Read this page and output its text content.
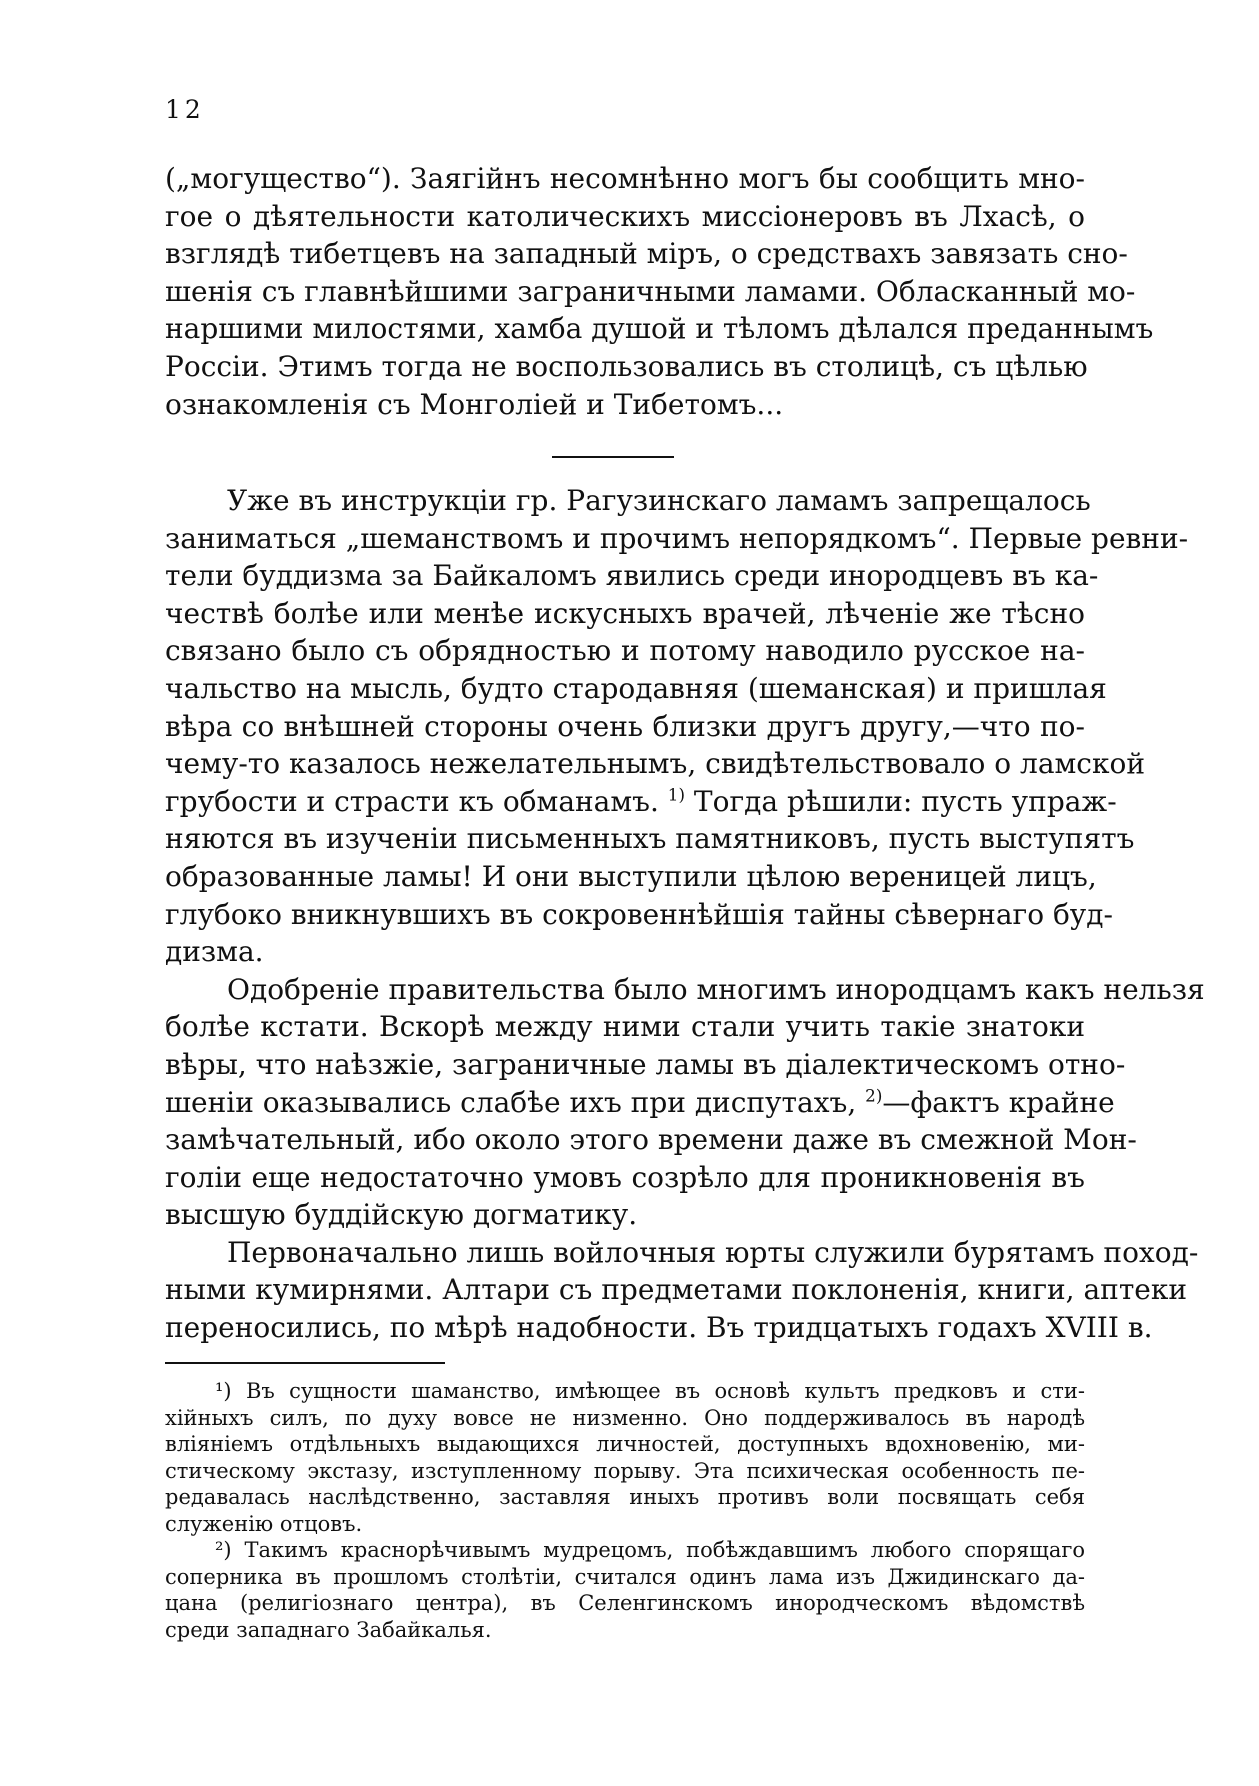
12
(„могущество“). Заягійнъ несомнѣнно могъ бы сообщить мно-
гое о дѣятельности католическихъ миссіонеровъ въ Лхасѣ, о
взглядѣ тибетцевъ на западный міръ, о средствахъ завязать сно-
шенія съ главнѣйшими заграничными ламами. Обласканный мо-
наршими милостями, хамба душой и тѣломъ дѣлался преданнымъ
Россіи. Этимъ тогда не воспользовались въ столицѣ, съ цѣлью
ознакомленія съ Монголіей и Тибетомъ...
Уже въ инструкціи гр. Рагузинскаго ламамъ запрещалось
заниматься „шеманствомъ и прочимъ непорядкомъ“. Первые ревни-
тели буддизма за Байкаломъ явились среди инородцевъ въ ка-
чествѣ болѣе или менѣе искусныхъ врачей, лѣченіе же тѣсно
связано было съ обрядностью и потому наводило русское на-
чальство на мысль, будто стародавняя (шеманская) и пришлая
вѣра со внѣшней стороны очень близки другъ другу,—что по-
чему-то казалось нежелательнымъ, свидѣтельствовало о ламской
грубости и страсти къ обманамъ. $^{1)}$ Тогда рѣшили: пусть упраж-
няются въ изученіи письменныхъ памятниковъ, пусть выступятъ
образованные ламы! И они выступили цѣлою вереницей лицъ,
глубоко вникнувшихъ въ сокровеннѣйшія тайны сѣвернаго буд-
дизма.
Одобреніе правительства было многимъ инородцамъ какъ нельзя
болѣе кстати. Вскорѣ между ними стали учить такіе знатоки
вѣры, что наѣзжіе, заграничные ламы въ діалектическомъ отно-
шеніи оказывались слабѣе ихъ при диспутахъ, $^{2)}$—фактъ крайне
замѣчательный, ибо около этого времени даже въ смежной Мон-
голіи еще недостаточно умовъ созрѣло для проникновенія въ
высшую буддійскую догматику.
Первоначально лишь войлочныя юрты служили бурятамъ поход-
ными кумирнями. Алтари съ предметами поклоненія, книги, аптеки
переносились, по мѣрѣ надобности. Въ тридцатыхъ годахъ XVIII в.
¹) Въ сущности шаманство, имѣющее въ основѣ культъ предковъ и сти-
хійныхъ силъ, по духу вовсе не низменно. Оно поддерживалось въ народѣ
вліяніемъ отдѣльныхъ выдающихся личностей, доступныхъ вдохновенію, ми-
стическому экстазу, изступленному порыву. Эта психическая особенность пе-
редавалась наслѣдственно, заставляя иныхъ противъ воли посвящать себя
служенію отцовъ.
²) Такимъ краснорѣчивымъ мудрецомъ, побѣждавшимъ любого спорящаго
соперника въ прошломъ столѣтіи, считался одинъ лама изъ Джидинскаго да-
цана (религіознаго центра), въ Селенгинскомъ инородческомъ вѣдомствѣ
среди западнаго Забайкалья.
